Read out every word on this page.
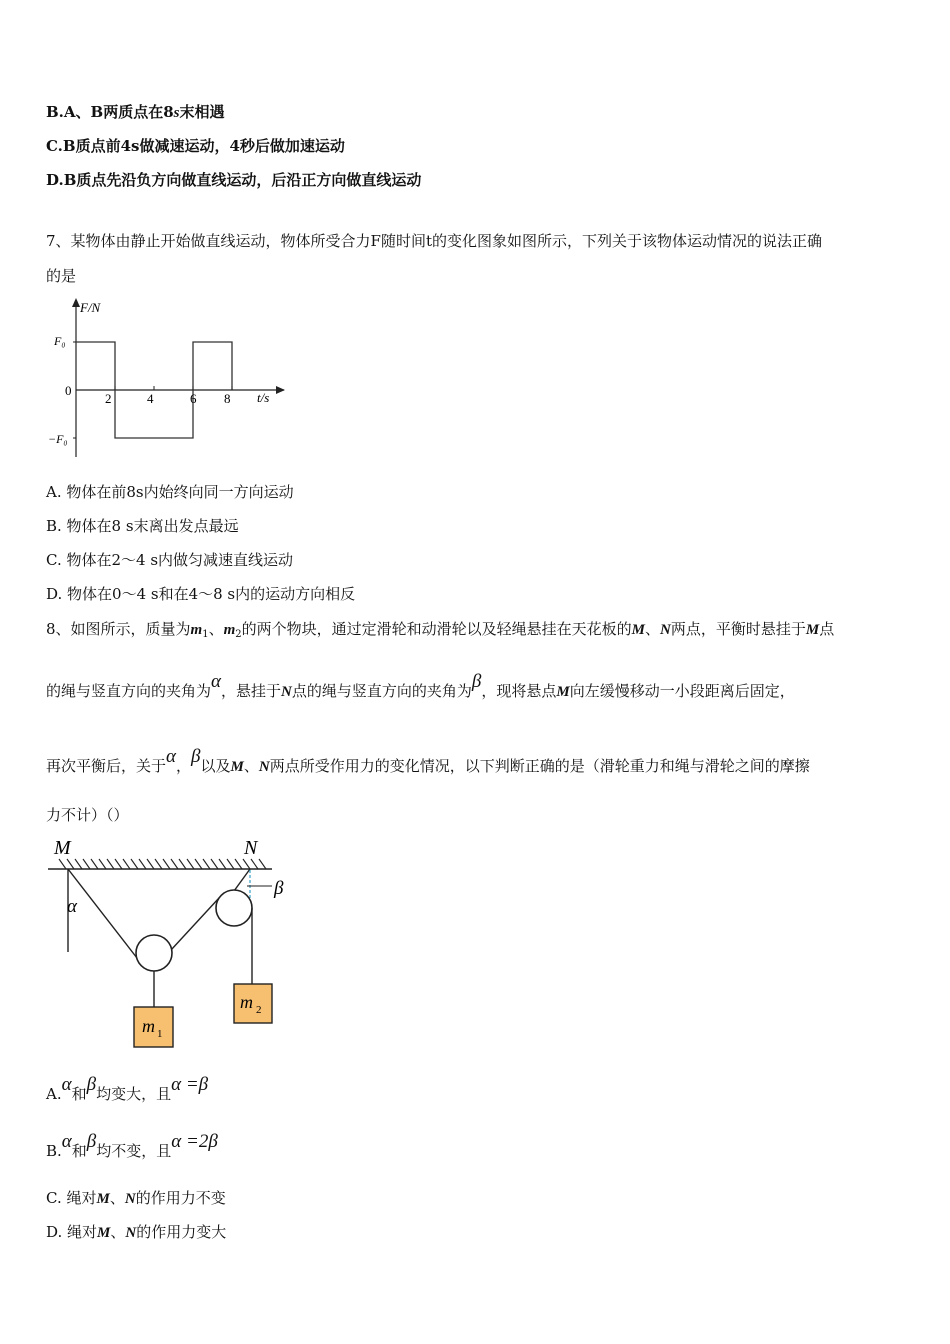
B.A、B两质点在8s末相遇
C.B质点前4s做减速运动，4秒后做加速运动
D.B质点先沿负方向做直线运动，后沿正方向做直线运动
7、某物体由静止开始做直线运动，物体所受合力F随时间t的变化图象如图所示，下列关于该物体运动情况的说法正确
的是
F/N
t/s
0
F₀
−F₀
2	4	6 8
A. 物体在前8s内始终向同一方向运动
B. 物体在8 s末离出发点最远
C. 物体在2～4 s内做匀减速直线运动
D. 物体在0～4 s和在4～8 s内的运动方向相反
8、如图所示，质量为$m_1$、$m_2$的两个物块，通过定滑轮和动滑轮以及轻绳悬挂在天花板的M、N两点，平衡时悬挂于M点
的绳与竖直方向的夹角为α，悬挂于N点的绳与竖直方向的夹角为β，现将悬点M向左缓慢移动一小段距离后固定，
再次平衡后，关于α，β以及M、N两点所受作用力的变化情况，以下判断正确的是（滑轮重力和绳与滑轮之间的摩擦
力不计）（）
M	N
α
β
m 1
m 2
A.α和β均变大，且α =β
B.α和β均不变，且α =2β
C. 绳对M、N的作用力不变
D. 绳对M、N的作用力变大
